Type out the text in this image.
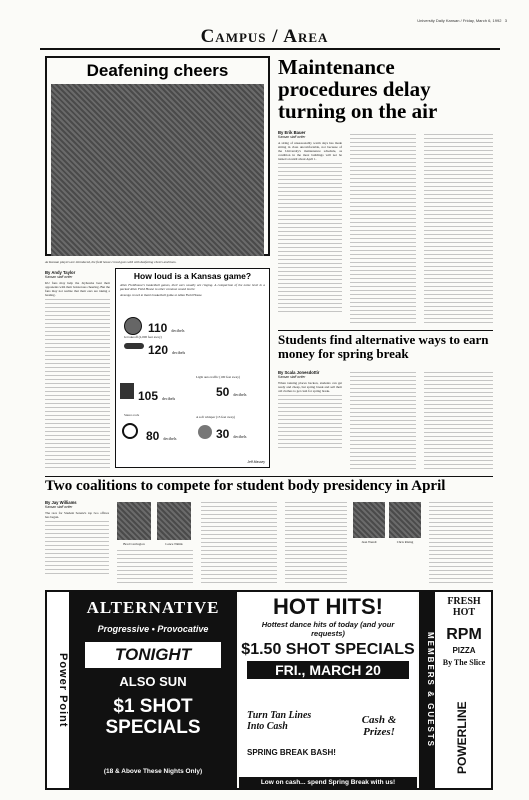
University Daily Kansan / Friday, March 6, 1992 3
Campus / Area
Deafening cheers
As Kansan players are introduced, the field house crowd goes wild with deafening cheers and boos.
By Andy Taylor
Kansan staff writer
KU fans may help the Jayhawks beat their opponents with their boisterous cheering. But the fans may not realize that their ears are taking a beating.
How loud is a Kansas game?
Allen Fieldhouse's basketball games, their ears usually are ringing. A comparison of the noise level in a packed Allen Field House to other common sound levels:
Average crowd at men's basketball game at Allen Field House
110 decibels
Jet takeoff (2,000 feet away)
120 decibels
105 decibels
Light auto traffic (100 feet away)
50 decibels
Stereo rock
80 decibels
A soft whisper (15 feet away)
30 decibels
Jeff Massey
Maintenance procedures delay turning on the air
By Erik Bauer
Kansan staff writer
A string of unseasonably warm days has made sitting in class uncomfortable, not because of the University's maintenance schedule, as condition in the most buildings will not be turned on until about April 1.
Students find alternative ways to earn money for spring break
By Scala Jonesdottir
Kansan staff writer
When tanning places beckon, students can get ready and cheap, but spring break and sell their old clothes to get cash for spring break.
Two coalitions to compete for student body presidency in April
By Jay Williams
Kansan staff writer
The race for Student Senate's top two offices has begun.
Brad Carrington	Lance Nimik	Jean Wendt	Chris Rising
Power Point
ALTERNATIVE
Progressive • Provocative
TONIGHT
ALSO SUN
$1 SHOT SPECIALS
(18 & Above These Nights Only)
HOT HITS!
Hottest dance hits of today (and your requests)
$1.50 SHOT SPECIALS
FRI., MARCH 20
Turn Tan Lines Into Cash
Cash & Prizes!
SPRING BREAK BASH!
Low on cash... spend Spring Break with us!
MEMBERS & GUESTS
FRESH HOT
RPM
PIZZA
By The Slice
POWERLINE
